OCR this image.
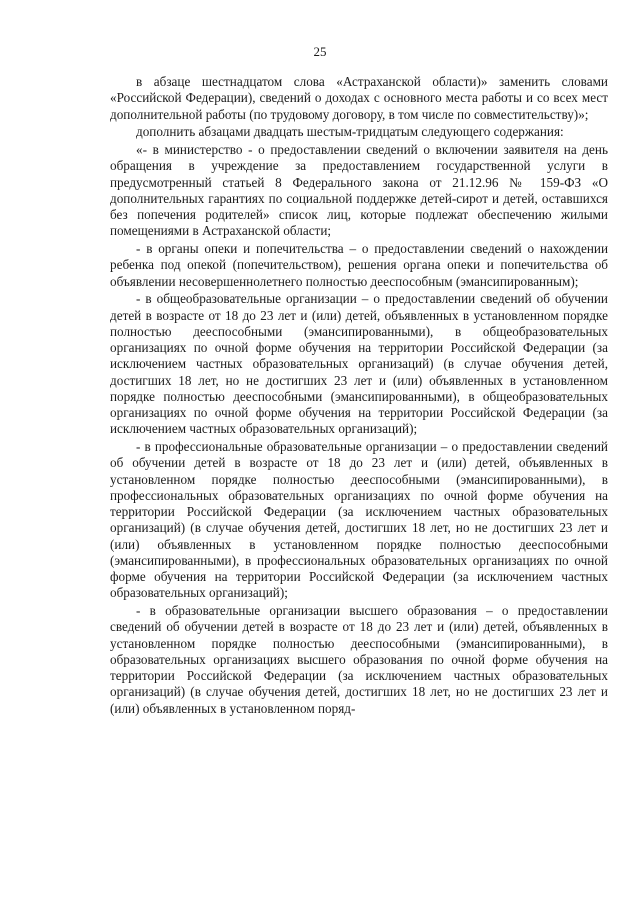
25

в абзаце шестнадцатом слова «Астраханской области)» заменить словами «Российской Федерации), сведений о доходах с основного места работы и со всех мест дополнительной работы (по трудовому договору, в том числе по совместительству)»;

дополнить абзацами двадцать шестым-тридцатым следующего содержания:

«- в министерство - о предоставлении сведений о включении заявителя на день обращения в учреждение за предоставлением государственной услуги в предусмотренный статьей 8 Федерального закона от 21.12.96 № 159-ФЗ «О дополнительных гарантиях по социальной поддержке детей-сирот и детей, оставшихся без попечения родителей» список лиц, которые подлежат обеспечению жилыми помещениями в Астраханской области;

- в органы опеки и попечительства – о предоставлении сведений о нахождении ребенка под опекой (попечительством), решения органа опеки и попечительства об объявлении несовершеннолетнего полностью дееспособным (эмансипированным);

- в общеобразовательные организации – о предоставлении сведений об обучении детей в возрасте от 18 до 23 лет и (или) детей, объявленных в установленном порядке полностью дееспособными (эмансипированными), в общеобразовательных организациях по очной форме обучения на территории Российской Федерации (за исключением частных образовательных организаций) (в случае обучения детей, достигших 18 лет, но не достигших 23 лет и (или) объявленных в установленном порядке полностью дееспособными (эмансипированными), в общеобразовательных организациях по очной форме обучения на территории Российской Федерации (за исключением частных образовательных организаций);

- в профессиональные образовательные организации – о предоставлении сведений об обучении детей в возрасте от 18 до 23 лет и (или) детей, объявленных в установленном порядке полностью дееспособными (эмансипированными), в профессиональных образовательных организациях по очной форме обучения на территории Российской Федерации (за исключением частных образовательных организаций) (в случае обучения детей, достигших 18 лет, но не достигших 23 лет и (или) объявленных в установленном порядке полностью дееспособными (эмансипированными), в профессиональных образовательных организациях по очной форме обучения на территории Российской Федерации (за исключением частных образовательных организаций);

- в образовательные организации высшего образования – о предоставлении сведений об обучении детей в возрасте от 18 до 23 лет и (или) детей, объявленных в установленном порядке полностью дееспособными (эмансипированными), в образовательных организациях высшего образования по очной форме обучения на территории Российской Федерации (за исключением частных образовательных организаций) (в случае обучения детей, достигших 18 лет, но не достигших 23 лет и (или) объявленных в установленном поряд-
